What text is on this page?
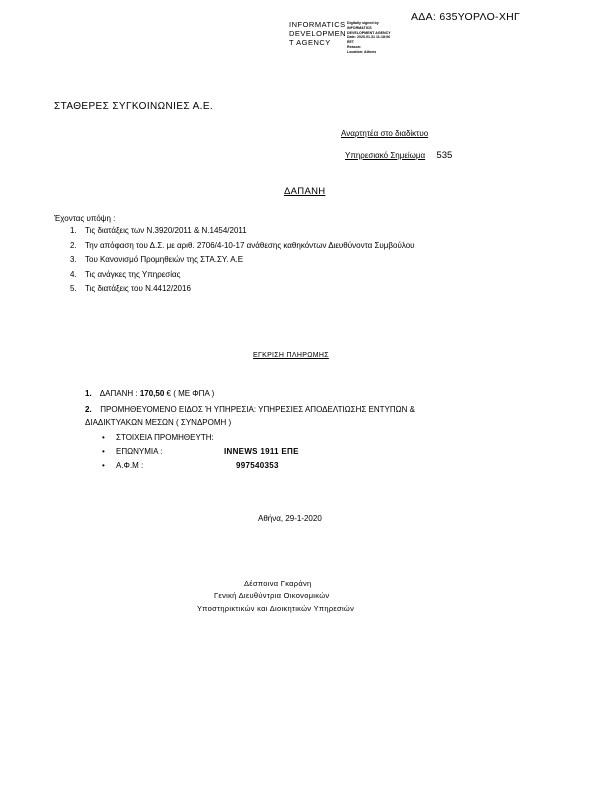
ΑΔΑ: 635ΥΟΡΛΟ-ΧΗΓ
INFORMATICS
DEVELOPMEN
T AGENCY
Digitally signed by
INFORMATICS
DEVELOPMENT AGENCY
Date: 2020.01.31 11:18:06
EET
Reason:
Location: Athens
ΣΤΑΘΕΡΕΣ ΣΥΓΚΟΙΝΩΝΙΕΣ Α.Ε.
Αναρτητέα στο διαδίκτυο
Υπηρεσιακό Σημείωμα 535
ΔΑΠΑΝΗ
Έχοντας υπόψη :
1. Τις διατάξεις των Ν.3920/2011 & Ν.1454/2011
2. Την απόφαση του Δ.Σ. με αριθ. 2706/4-10-17 ανάθεσης καθηκόντων Διευθύνοντα Συμβούλου
3. Του Κανονισμό Προμηθειών της ΣΤΑ.ΣΥ. Α.Ε
4. Τις ανάγκες της Υπηρεσίας
5. Τις διατάξεις του Ν.4412/2016
ΕΓΚΡΙΣΗ ΠΛΗΡΩΜΗΣ
1. ΔΑΠΑΝΗ : 170,50 € ( ΜΕ ΦΠΑ )
2. ΠΡΟΜΗΘΕΥΟΜΕΝΟ ΕΙΔΟΣ Ή ΥΠΗΡΕΣΙΑ: ΥΠΗΡΕΣΙΕΣ ΑΠΟΔΕΛΤΙΩΣΗΣ ΕΝΤΥΠΩΝ &
ΔΙΑΔΙΚΤΥΑΚΩΝ ΜΕΣΩΝ ( ΣΥΝΔΡΟΜΗ )
• ΣΤΟΙΧΕΙΑ ΠΡΟΜΗΘΕΥΤΗ:
• ΕΠΩΝΥΜΙΑ :	INNEWS 1911 ΕΠΕ
• Α.Φ.Μ :	997540353
Αθήνα, 29-1-2020
Δέσποινα Γκαράνη
Γενική Διευθύντρια Οικονομικών
Υποστηρικτικών και Διοικητικών Υπηρεσιών
